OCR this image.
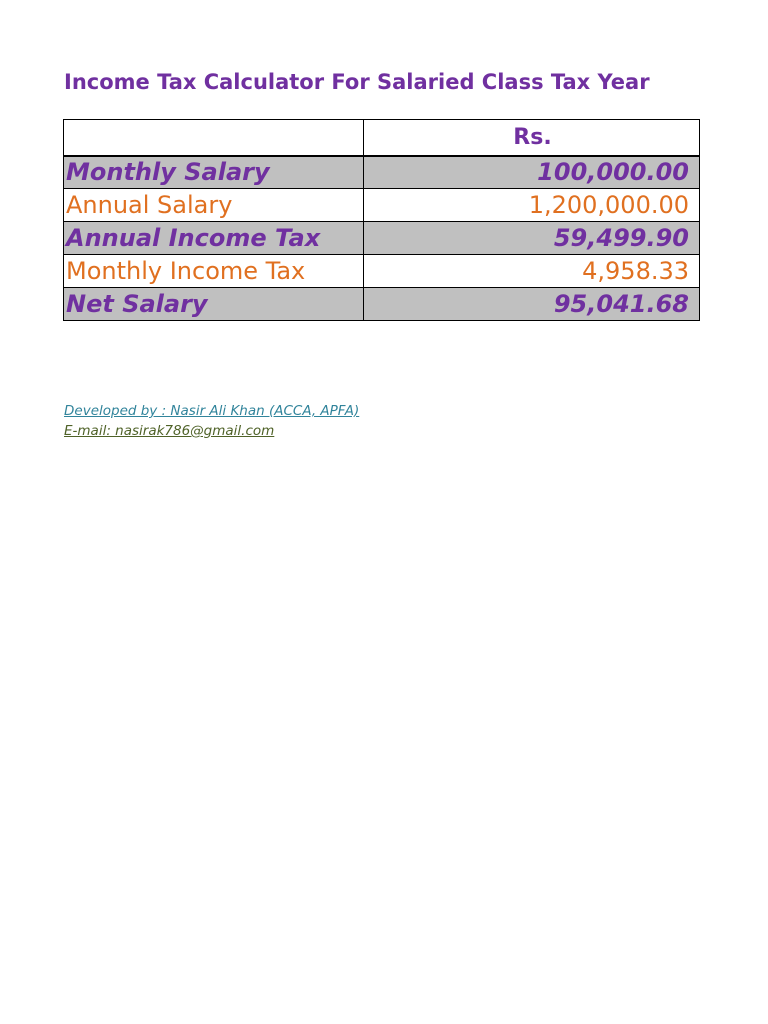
Income Tax Calculator For Salaried Class Tax Year
	Rs.
Monthly Salary	100,000.00
Annual Salary	1,200,000.00
Annual Income Tax	59,499.90
Monthly Income Tax	4,958.33
Net Salary	95,041.68
Developed by : Nasir Ali Khan (ACCA, APFA)
E-mail: nasirak786@gmail.com
